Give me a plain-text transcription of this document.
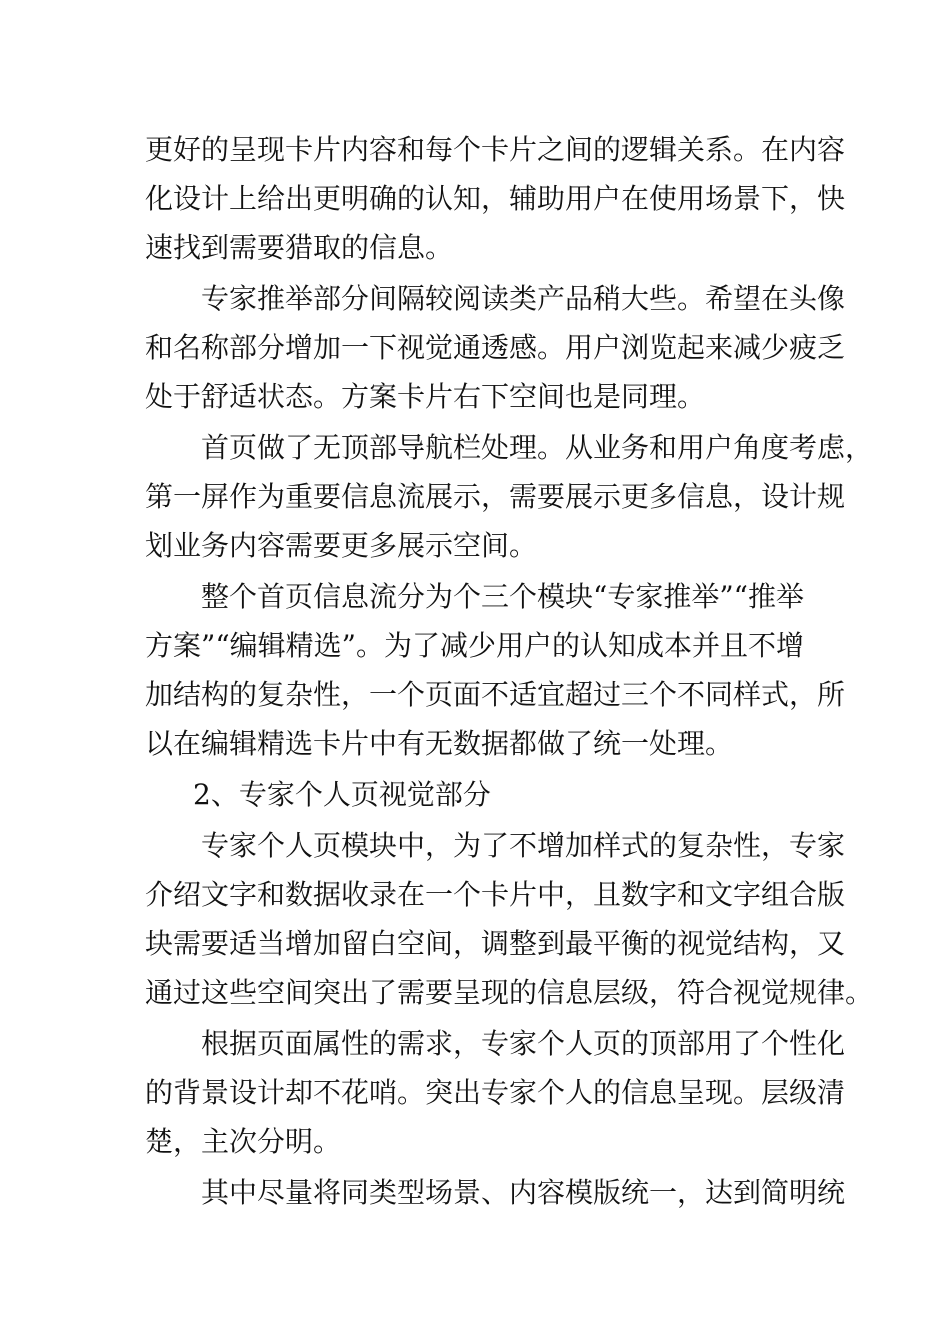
更好的呈现卡片内容和每个卡片之间的逻辑关系。在内容
化设计上给出更明确的认知，辅助用户在使用场景下，快
速找到需要猎取的信息。
专家推举部分间隔较阅读类产品稍大些。希望在头像
和名称部分增加一下视觉通透感。用户浏览起来减少疲乏
处于舒适状态。方案卡片右下空间也是同理。
首页做了无顶部导航栏处理。从业务和用户角度考虑，
第一屏作为重要信息流展示，需要展示更多信息，设计规
划业务内容需要更多展示空间。
整个首页信息流分为个三个模块“专家推举”“推举
方案”“编辑精选”。为了减少用户的认知成本并且不增
加结构的复杂性，一个页面不适宜超过三个不同样式，所
以在编辑精选卡片中有无数据都做了统一处理。
2、专家个人页视觉部分
专家个人页模块中，为了不增加样式的复杂性，专家
介绍文字和数据收录在一个卡片中，且数字和文字组合版
块需要适当增加留白空间，调整到最平衡的视觉结构，又
通过这些空间突出了需要呈现的信息层级，符合视觉规律。
根据页面属性的需求，专家个人页的顶部用了个性化
的背景设计却不花哨。突出专家个人的信息呈现。层级清
楚，主次分明。
其中尽量将同类型场景、内容模版统一，达到简明统
